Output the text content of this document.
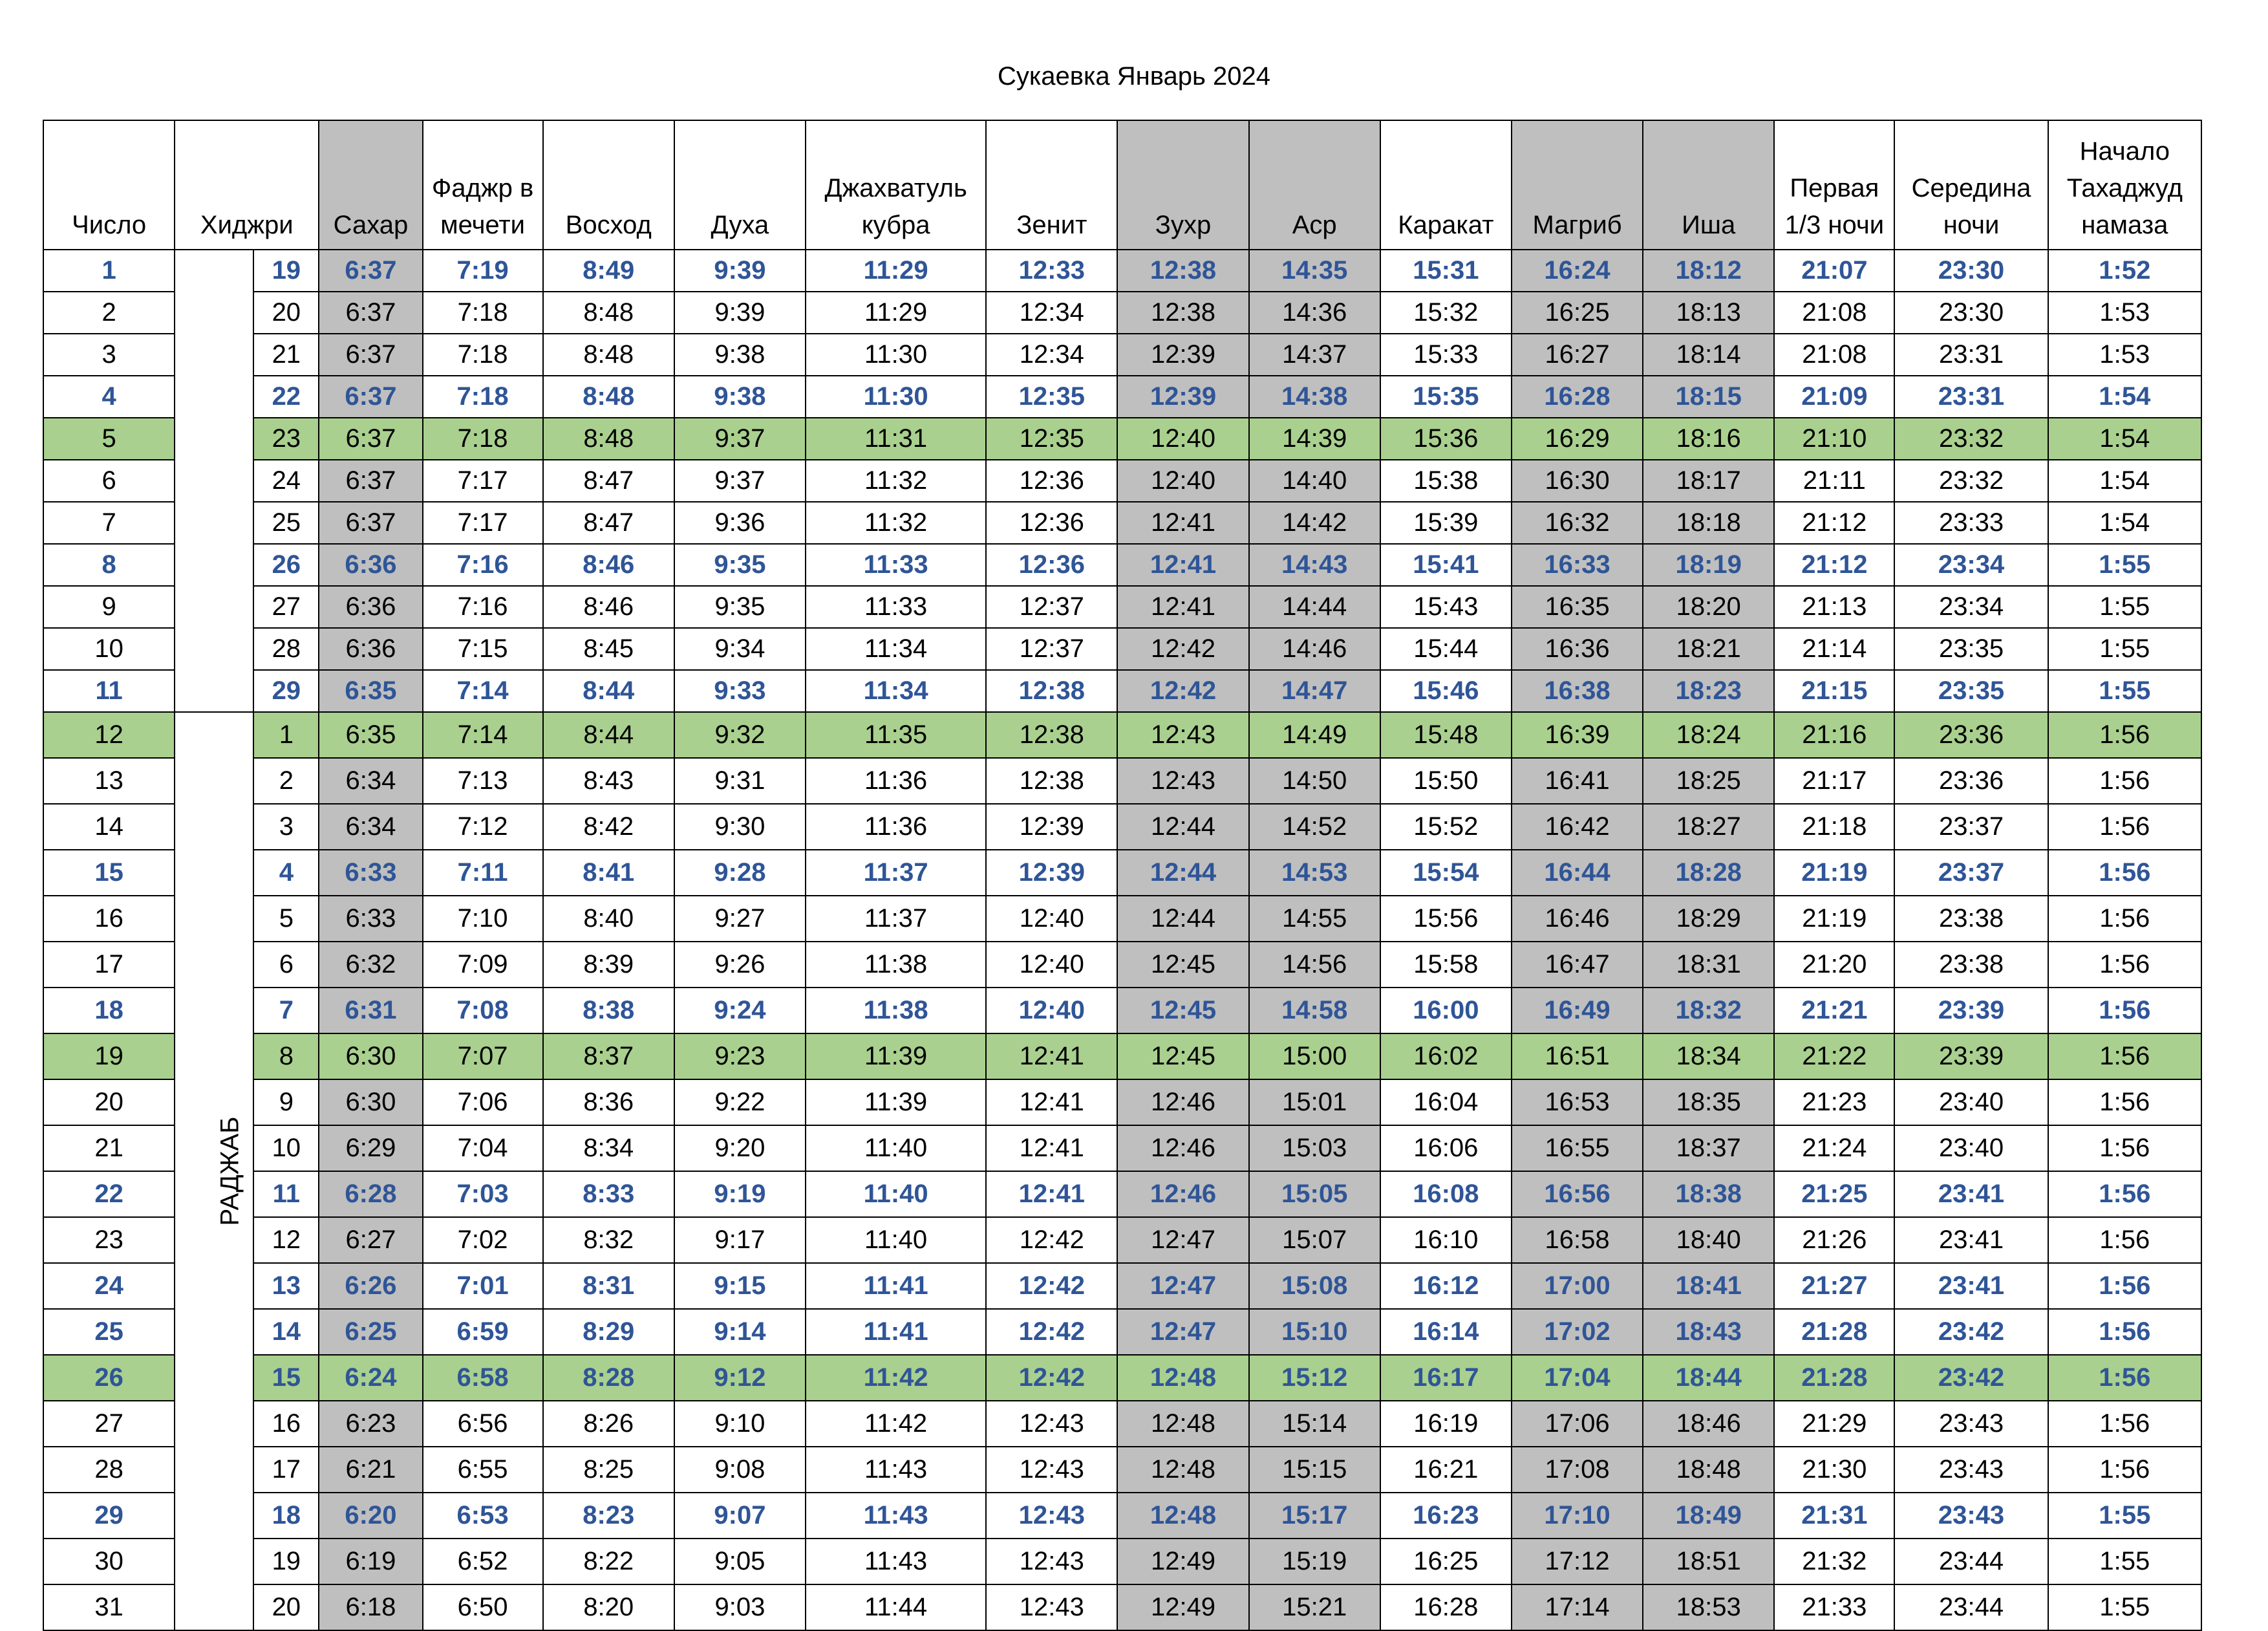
Сукаевка Январь 2024
Число	Хиджри		Сахар	Фаджр в мечети	Восход	Духа	Джахватуль кубра	Зенит	Зухр	Аср	Каракат	Магриб	Иша	Первая 1/3 ночи	Середина ночи	Начало Тахаджуд намаза
1		19	6:37	7:19	8:49	9:39	11:29	12:33	12:38	14:35	15:31	16:24	18:12	21:07	23:30	1:52
2		20	6:37	7:18	8:48	9:39	11:29	12:34	12:38	14:36	15:32	16:25	18:13	21:08	23:30	1:53
3		21	6:37	7:18	8:48	9:38	11:30	12:34	12:39	14:37	15:33	16:27	18:14	21:08	23:31	1:53
4		22	6:37	7:18	8:48	9:38	11:30	12:35	12:39	14:38	15:35	16:28	18:15	21:09	23:31	1:54
5		23	6:37	7:18	8:48	9:37	11:31	12:35	12:40	14:39	15:36	16:29	18:16	21:10	23:32	1:54
6		24	6:37	7:17	8:47	9:37	11:32	12:36	12:40	14:40	15:38	16:30	18:17	21:11	23:32	1:54
7		25	6:37	7:17	8:47	9:36	11:32	12:36	12:41	14:42	15:39	16:32	18:18	21:12	23:33	1:54
8		26	6:36	7:16	8:46	9:35	11:33	12:36	12:41	14:43	15:41	16:33	18:19	21:12	23:34	1:55
9		27	6:36	7:16	8:46	9:35	11:33	12:37	12:41	14:44	15:43	16:35	18:20	21:13	23:34	1:55
10		28	6:36	7:15	8:45	9:34	11:34	12:37	12:42	14:46	15:44	16:36	18:21	21:14	23:35	1:55
11		29	6:35	7:14	8:44	9:33	11:34	12:38	12:42	14:47	15:46	16:38	18:23	21:15	23:35	1:55
12	РАДЖАБ	1	6:35	7:14	8:44	9:32	11:35	12:38	12:43	14:49	15:48	16:39	18:24	21:16	23:36	1:56
13		2	6:34	7:13	8:43	9:31	11:36	12:38	12:43	14:50	15:50	16:41	18:25	21:17	23:36	1:56
14		3	6:34	7:12	8:42	9:30	11:36	12:39	12:44	14:52	15:52	16:42	18:27	21:18	23:37	1:56
15		4	6:33	7:11	8:41	9:28	11:37	12:39	12:44	14:53	15:54	16:44	18:28	21:19	23:37	1:56
16		5	6:33	7:10	8:40	9:27	11:37	12:40	12:44	14:55	15:56	16:46	18:29	21:19	23:38	1:56
17		6	6:32	7:09	8:39	9:26	11:38	12:40	12:45	14:56	15:58	16:47	18:31	21:20	23:38	1:56
18		7	6:31	7:08	8:38	9:24	11:38	12:40	12:45	14:58	16:00	16:49	18:32	21:21	23:39	1:56
19		8	6:30	7:07	8:37	9:23	11:39	12:41	12:45	15:00	16:02	16:51	18:34	21:22	23:39	1:56
20		9	6:30	7:06	8:36	9:22	11:39	12:41	12:46	15:01	16:04	16:53	18:35	21:23	23:40	1:56
21		10	6:29	7:04	8:34	9:20	11:40	12:41	12:46	15:03	16:06	16:55	18:37	21:24	23:40	1:56
22		11	6:28	7:03	8:33	9:19	11:40	12:41	12:46	15:05	16:08	16:56	18:38	21:25	23:41	1:56
23		12	6:27	7:02	8:32	9:17	11:40	12:42	12:47	15:07	16:10	16:58	18:40	21:26	23:41	1:56
24		13	6:26	7:01	8:31	9:15	11:41	12:42	12:47	15:08	16:12	17:00	18:41	21:27	23:41	1:56
25		14	6:25	6:59	8:29	9:14	11:41	12:42	12:47	15:10	16:14	17:02	18:43	21:28	23:42	1:56
26		15	6:24	6:58	8:28	9:12	11:42	12:42	12:48	15:12	16:17	17:04	18:44	21:28	23:42	1:56
27		16	6:23	6:56	8:26	9:10	11:42	12:43	12:48	15:14	16:19	17:06	18:46	21:29	23:43	1:56
28		17	6:21	6:55	8:25	9:08	11:43	12:43	12:48	15:15	16:21	17:08	18:48	21:30	23:43	1:56
29		18	6:20	6:53	8:23	9:07	11:43	12:43	12:48	15:17	16:23	17:10	18:49	21:31	23:43	1:55
30		19	6:19	6:52	8:22	9:05	11:43	12:43	12:49	15:19	16:25	17:12	18:51	21:32	23:44	1:55
31		20	6:18	6:50	8:20	9:03	11:44	12:43	12:49	15:21	16:28	17:14	18:53	21:33	23:44	1:55
